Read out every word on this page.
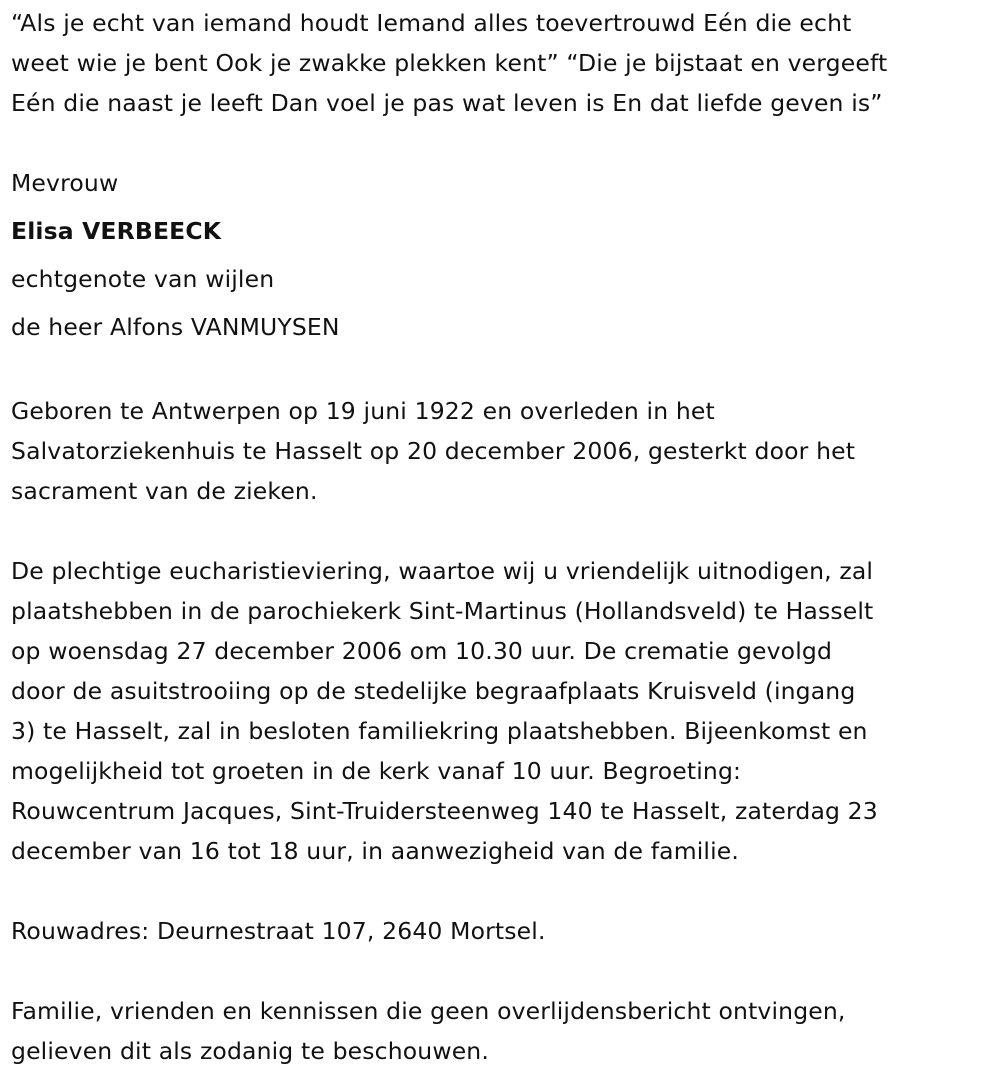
“Als je echt van iemand houdt Iemand alles toevertrouwd Eén die echt
weet wie je bent Ook je zwakke plekken kent” “Die je bijstaat en vergeeft
Eén die naast je leeft Dan voel je pas wat leven is En dat liefde geven is”
Mevrouw
Elisa VERBEECK
echtgenote van wijlen
de heer Alfons VANMUYSEN
Geboren te Antwerpen op 19 juni 1922 en overleden in het
Salvatorziekenhuis te Hasselt op 20 december 2006, gesterkt door het
sacrament van de zieken.
De plechtige eucharistieviering, waartoe wij u vriendelijk uitnodigen, zal
plaatshebben in de parochiekerk Sint-Martinus (Hollandsveld) te Hasselt
op woensdag 27 december 2006 om 10.30 uur. De crematie gevolgd
door de asuitstrooiing op de stedelijke begraafplaats Kruisveld (ingang
3) te Hasselt, zal in besloten familiekring plaatshebben. Bijeenkomst en
mogelijkheid tot groeten in de kerk vanaf 10 uur. Begroeting:
Rouwcentrum Jacques, Sint-Truidersteenweg 140 te Hasselt, zaterdag 23
december van 16 tot 18 uur, in aanwezigheid van de familie.
Rouwadres: Deurnestraat 107, 2640 Mortsel.
Familie, vrienden en kennissen die geen overlijdensbericht ontvingen,
gelieven dit als zodanig te beschouwen.
